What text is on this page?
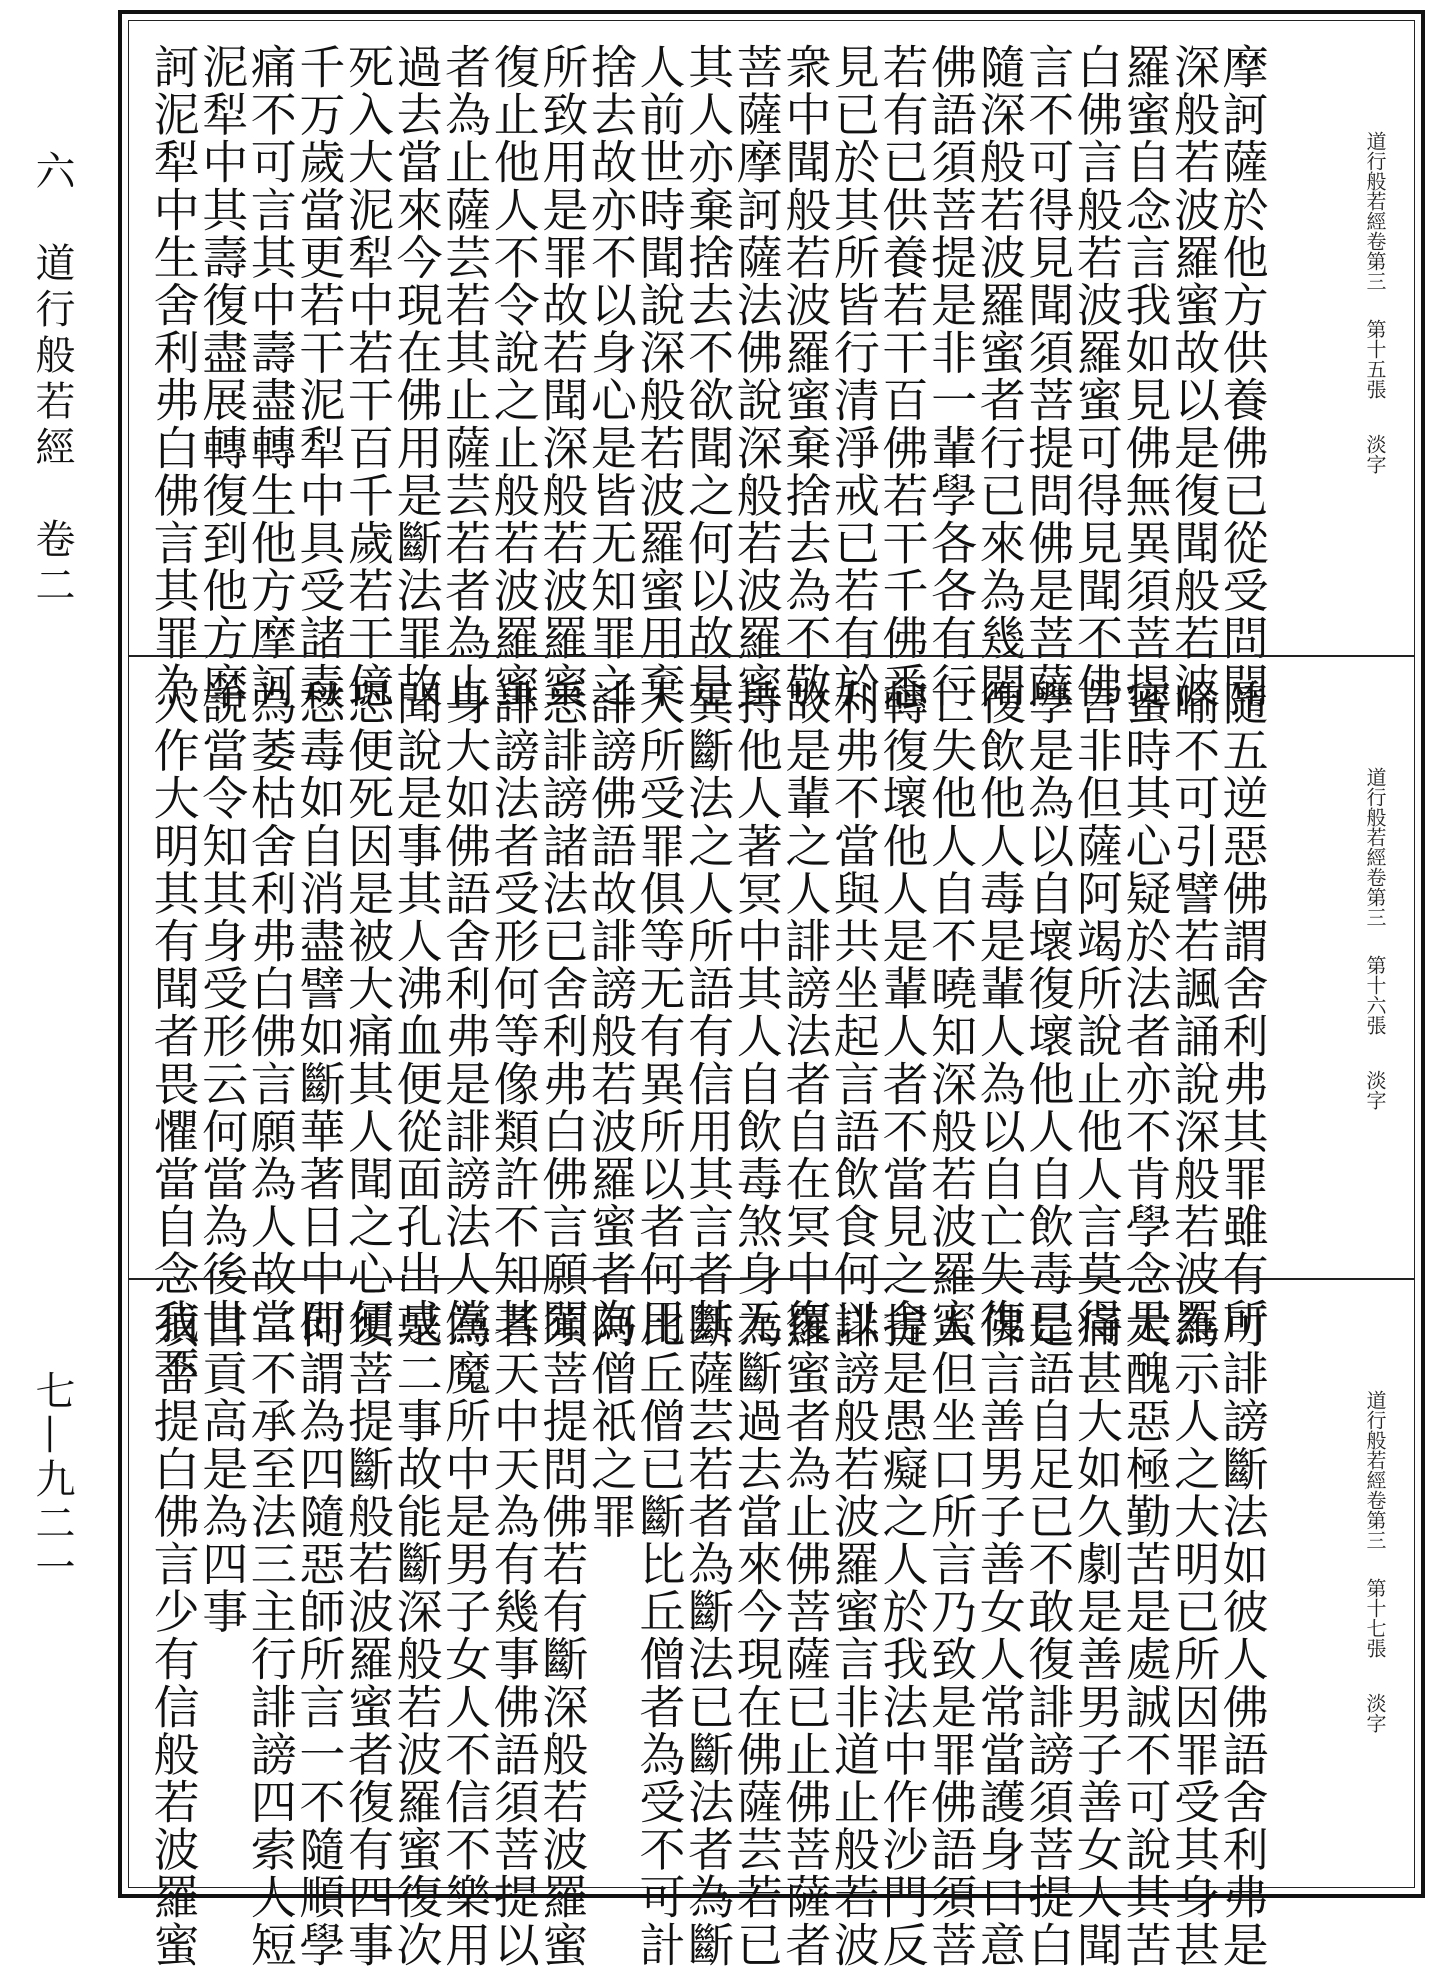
六　道行般若經　卷二
七—九二一

摩訶薩於他方供養佛已從受問聞

深般若波羅蜜故以是復聞般若波

羅蜜自念言我如見佛無異須菩提

白佛言般若波羅蜜可得見聞不佛

言不可得見聞須菩提問佛是菩薩

隨深般若波羅蜜者行已來為幾聞

佛語須菩提是非一輩學各各有行

若有已供養若干百佛若干千佛悉

見已於其所皆行清淨戒已若有於

衆中聞般若波羅蜜棄捨去為不敬

菩薩摩訶薩法佛說深般若波羅蜜

其人亦棄捨去不欲聞之何以故是

人前世時聞說深般若波羅蜜用棄

捨去故亦不以身心是皆无知罪之

所致用是罪故若聞深般若波羅蜜

復止他人不令說之止般若波羅蜜

者為止薩芸若其止薩芸若者為止

過去當來今現在佛用是斷法罪故

死入大泥犁中若干百千歲若干億

千万歲當更若干泥犁中具受諸毒

痛不可言其中壽盡轉生他方摩訶

泥犁中其壽復盡展轉復到他方摩

訶泥犁中生舍利弗白佛言其罪為	道行般若經卷第三 第十五張 淡字

隨五逆惡佛謂舍利弗其罪雖有所

喻不可引譬若諷誦說深般若波羅

蜜時其心疑於法者亦不肯學念是

言非但薩阿竭所說止他人言莫得

學是為以自壞復壞他人自飲毒已

復飲他人毒是輩人為以自亡失復

亡失他人自不曉知深般若波羅蜜

轉復壞他人是輩人者不當見之舍

利弗不當與共坐起言語飲食何以

故是輩之人誹謗法者自在冥中復

持他人著冥中其人自飲毒煞身无

異斷法之人所語有信用其言者其

人所受罪俱等无有異所以者何用

誹謗佛語故誹謗般若波羅蜜者為

悉誹謗諸法已舍利弗白佛言願聞

誹謗法者受形何等像類許不知其

身大如佛語舍利弗是誹謗法人儻

聞說是事其人沸血便從面孔出或

恐便死因是被大痛其人聞之心便

愁毒如自消盡譬如斷華著日中即

為萎枯舍利弗白佛言願為人故當

說當令知其身受形云何當為後世

人作大明其有聞者畏懼當自念我不	道行般若經卷第三 第十六張 淡字

可誹謗斷法如彼人佛語舍利弗是

為示人之大明已所因罪受其身甚

大醜惡極勤苦是處誠不可說其苦

痛甚大如久劇是善男子善女人聞

是語自足已不敢復誹謗須菩提白

佛言善男子善女人常當護身口意

人但坐口所言乃致是罪佛語須菩

提是愚癡之人於我法中作沙門反

誹謗般若波羅蜜言非道止般若波

羅蜜者為止佛菩薩已止佛菩薩者

為斷過去當來今現在佛薩芸若已

斷薩芸若者為斷法已斷法者為斷

比丘僧已斷比丘僧者為受不可計

阿僧祇之罪

須菩提問佛若有斷深般若波羅蜜

者天中天為有幾事佛語須菩提以

為魔所中是男子女人不信不樂用

是二事故能斷深般若波羅蜜復次

須菩提斷般若波羅蜜者復有四事

何謂為四隨惡師所言一不隨順學

二不承至法三主行誹謗四索人短

目貢高是為四事

須菩提白佛言少有信般若波羅蜜	道行般若經卷第三 第十七張 淡字
